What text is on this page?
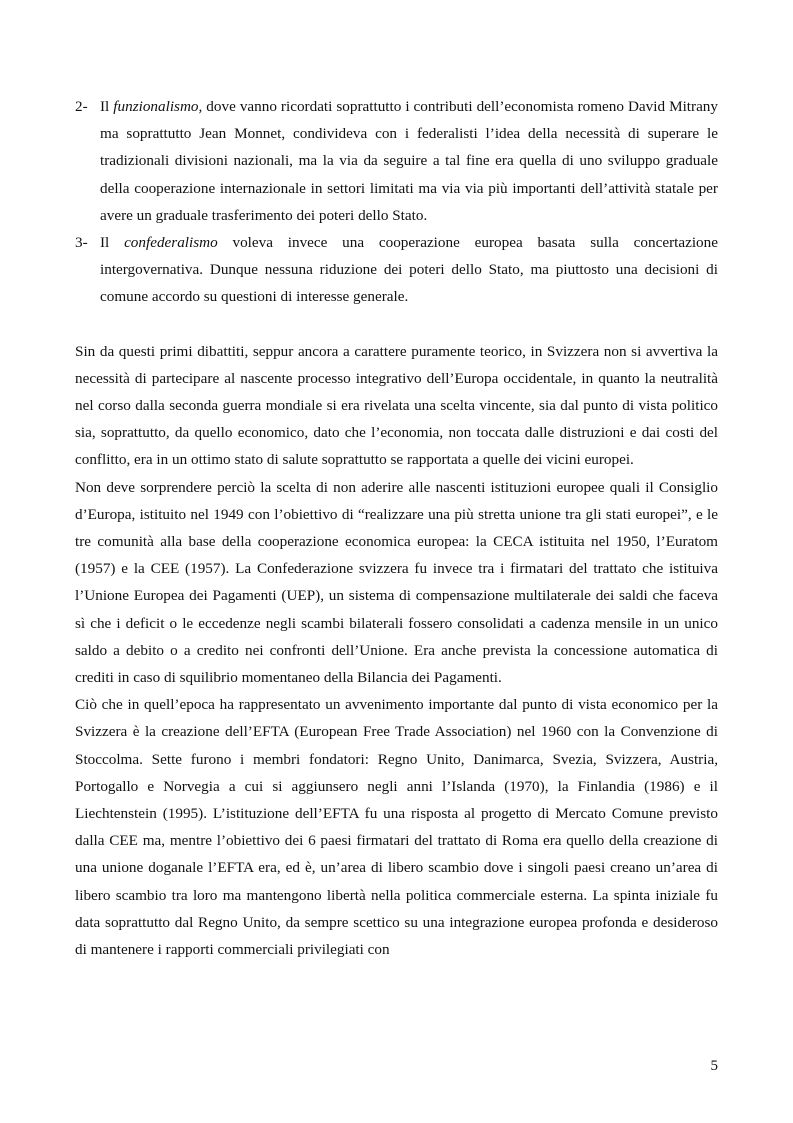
2- Il funzionalismo, dove vanno ricordati soprattutto i contributi dell’economista romeno David Mitrany ma soprattutto Jean Monnet, condivideva con i federalisti l’idea della necessità di superare le tradizionali divisioni nazionali, ma la via da seguire a tal fine era quella di uno sviluppo graduale della cooperazione internazionale in settori limitati ma via via più importanti dell’attività statale per avere un graduale trasferimento dei poteri dello Stato.
3- Il confederalismo voleva invece una cooperazione europea basata sulla concertazione intergovernativa. Dunque nessuna riduzione dei poteri dello Stato, ma piuttosto una decisioni di comune accordo su questioni di interesse generale.

Sin da questi primi dibattiti, seppur ancora a carattere puramente teorico, in Svizzera non si avvertiva la necessità di partecipare al nascente processo integrativo dell’Europa occidentale, in quanto la neutralità nel corso dalla seconda guerra mondiale si era rivelata una scelta vincente, sia dal punto di vista politico sia, soprattutto, da quello economico, dato che l’economia, non toccata dalle distruzioni e dai costi del conflitto, era in un ottimo stato di salute soprattutto se rapportata a quelle dei vicini europei.

Non deve sorprendere perciò la scelta di non aderire alle nascenti istituzioni europee quali il Consiglio d’Europa, istituito nel 1949 con l’obiettivo di “realizzare una più stretta unione tra gli stati europei”, e le tre comunità alla base della cooperazione economica europea: la CECA istituita nel 1950, l’Euratom (1957) e la CEE (1957). La Confederazione svizzera fu invece tra i firmatari del trattato che istituiva l’Unione Europea dei Pagamenti (UEP), un sistema di compensazione multilaterale dei saldi che faceva sì che i deficit o le eccedenze negli scambi bilaterali fossero consolidati a cadenza mensile in un unico saldo a debito o a credito nei confronti dell’Unione. Era anche prevista la concessione automatica di crediti in caso di squilibrio momentaneo della Bilancia dei Pagamenti.

Ciò che in quell’epoca ha rappresentato un avvenimento importante dal punto di vista economico per la Svizzera è la creazione dell’EFTA (European Free Trade Association) nel 1960 con la Convenzione di Stoccolma. Sette furono i membri fondatori: Regno Unito, Danimarca, Svezia, Svizzera, Austria, Portogallo e Norvegia a cui si aggiunsero negli anni l’Islanda (1970), la Finlandia (1986) e il Liechtenstein (1995). L’istituzione dell’EFTA fu una risposta al progetto di Mercato Comune previsto dalla CEE ma, mentre l’obiettivo dei 6 paesi firmatari del trattato di Roma era quello della creazione di una unione doganale l’EFTA era, ed è, un’area di libero scambio dove i singoli paesi creano un’area di libero scambio tra loro ma mantengono libertà nella politica commerciale esterna. La spinta iniziale fu data soprattutto dal Regno Unito, da sempre scettico su una integrazione europea profonda e desideroso di mantenere i rapporti commerciali privilegiati con

5
